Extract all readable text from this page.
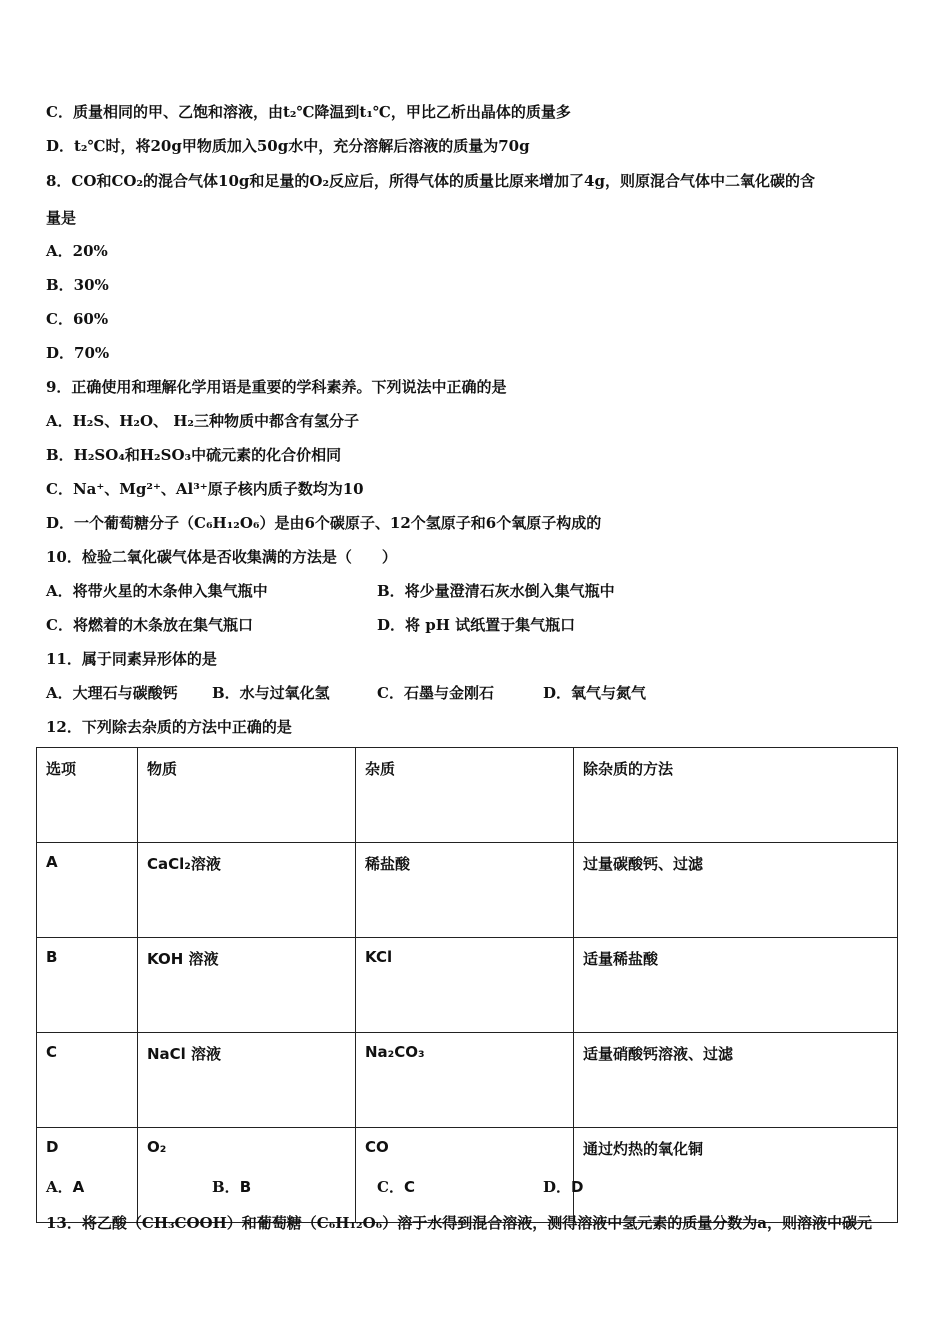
C．质量相同的甲、乙饱和溶液，由t₂℃降温到t₁℃，甲比乙析出晶体的质量多
D．t₂℃时，将20g甲物质加入50g水中，充分溶解后溶液的质量为70g
8．CO和CO₂的混合气体10g和足量的O₂反应后，所得气体的质量比原来增加了4g，则原混合气体中二氧化碳的含
量是
A．20%
B．30%
C．60%
D．70%
9．正确使用和理解化学用语是重要的学科素养。下列说法中正确的是
A．H₂S、H₂O、 H₂三种物质中都含有氢分子
B．H₂SO₄和H₂SO₃中硫元素的化合价相同
C．Na⁺、Mg²⁺、Al³⁺原子核内质子数均为10
D．一个葡萄糖分子（C₆H₁₂O₆）是由6个碳原子、12个氢原子和6个氧原子构成的
10．检验二氧化碳气体是否收集满的方法是（　　）
A．将带火星的木条伸入集气瓶中	B．将少量澄清石灰水倒入集气瓶中
C．将燃着的木条放在集气瓶口	D．将 pH 试纸置于集气瓶口
11．属于同素异形体的是
A．大理石与碳酸钙 B．水与过氧化氢	C．石墨与金刚石	D．氧气与氮气
12．下列除去杂质的方法中正确的是
选项	物质	杂质	除杂质的方法
A	CaCl₂溶液	稀盐酸	过量碳酸钙、过滤
B	KOH 溶液	KCl	适量稀盐酸
C	NaCl 溶液	Na₂CO₃	适量硝酸钙溶液、过滤
D	O₂	CO	通过灼热的氧化铜
A．A	B．B	C．C	D．D
13．将乙酸（CH₃COOH）和葡萄糖（C₆H₁₂O₆）溶于水得到混合溶液，测得溶液中氢元素的质量分数为a，则溶液中碳元
